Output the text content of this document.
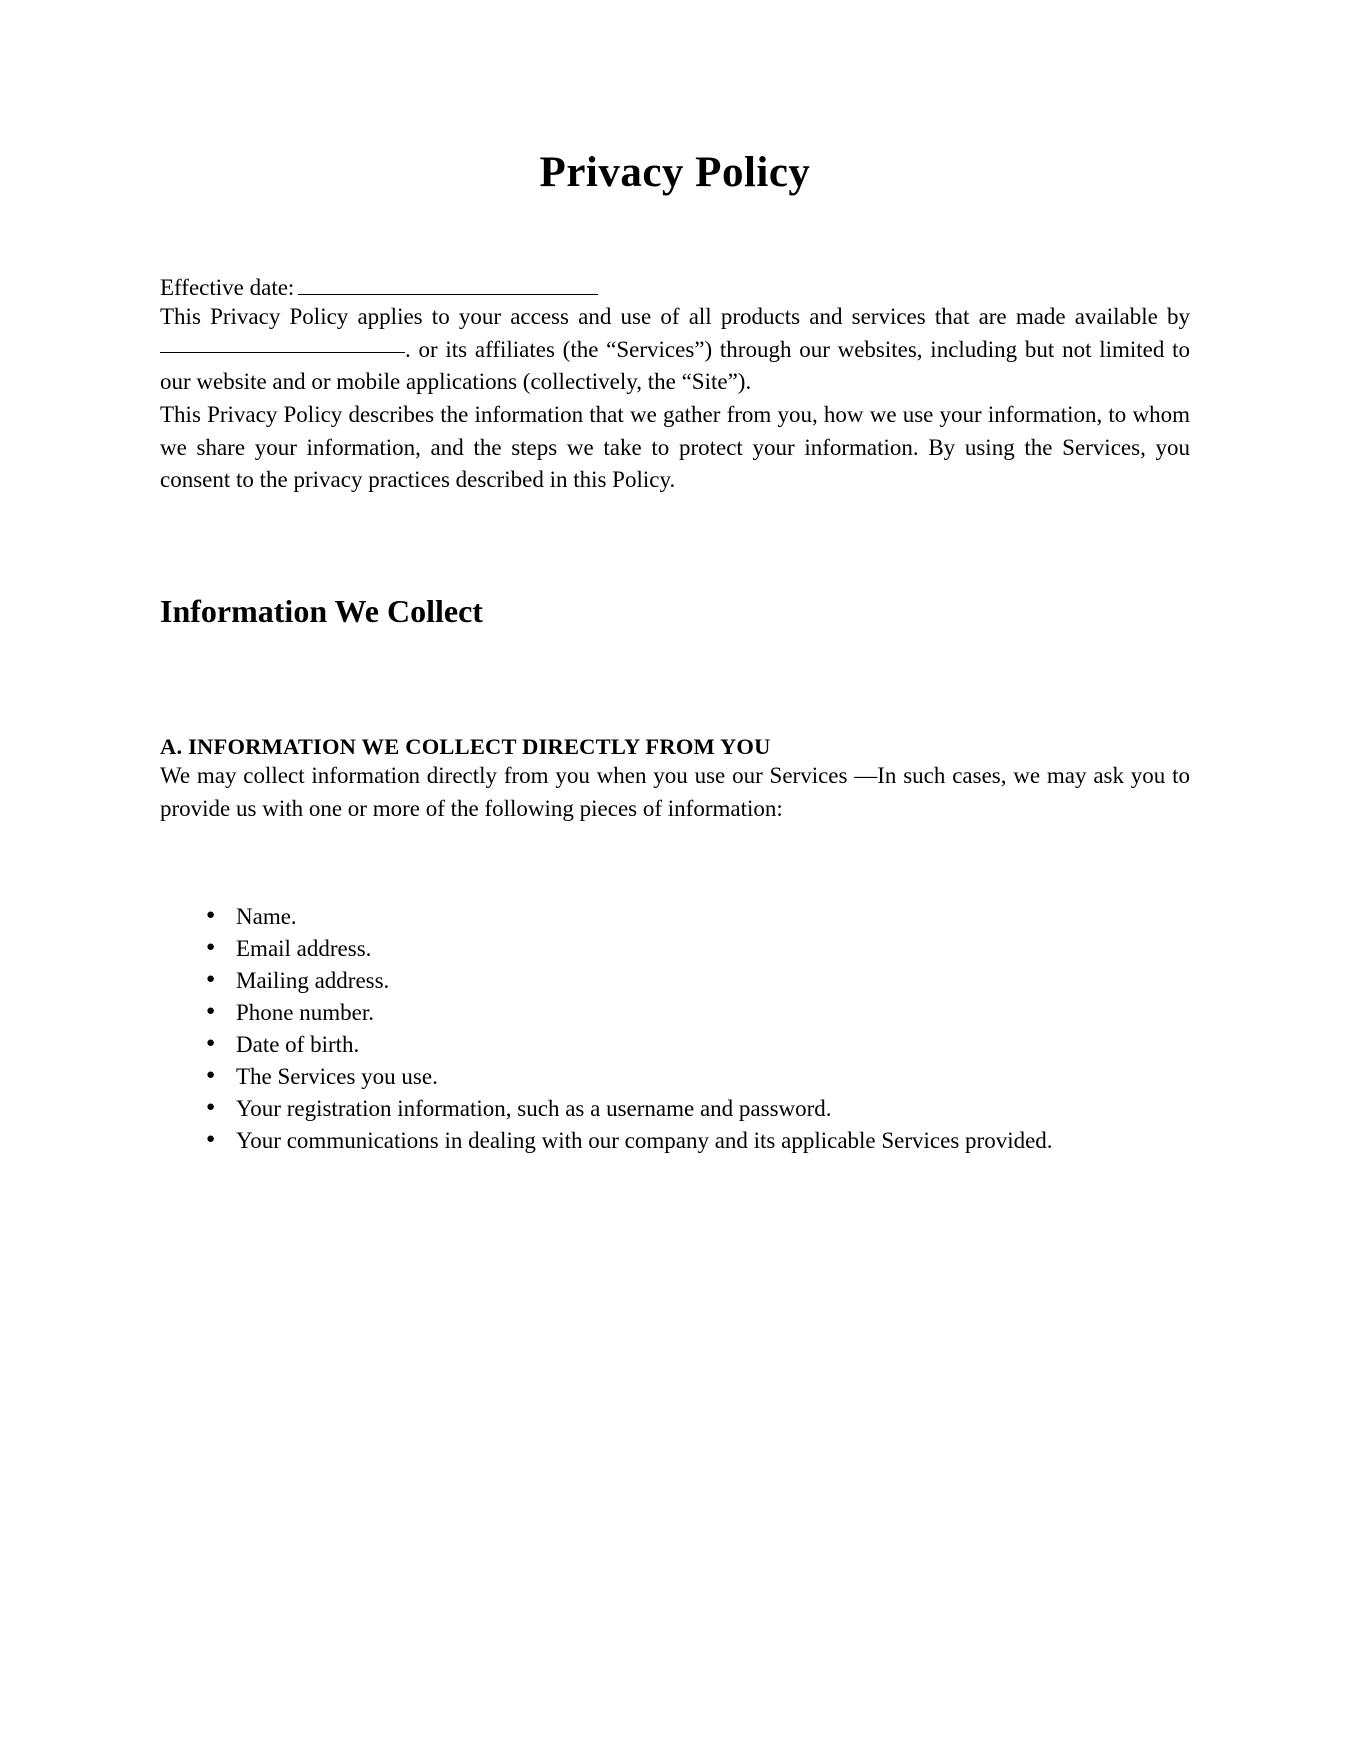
Privacy Policy
Effective date:

This Privacy Policy applies to your access and use of all products and services that are made available by . or its affiliates (the “Services”) through our websites, including but not limited to our website and or mobile applications (collectively, the “Site”).

This Privacy Policy describes the information that we gather from you, how we use your information, to whom we share your information, and the steps we take to protect your information. By using the Services, you consent to the privacy practices described in this Policy.

Information We Collect
A. INFORMATION WE COLLECT DIRECTLY FROM YOU

We may collect information directly from you when you use our Services —In such cases, we may ask you to provide us with one or more of the following pieces of information:

● Name.
● Email address.
● Mailing address.
● Phone number.
● Date of birth.
● The Services you use.
● Your registration information, such as a username and password.
● Your communications in dealing with our company and its applicable Services provided.
